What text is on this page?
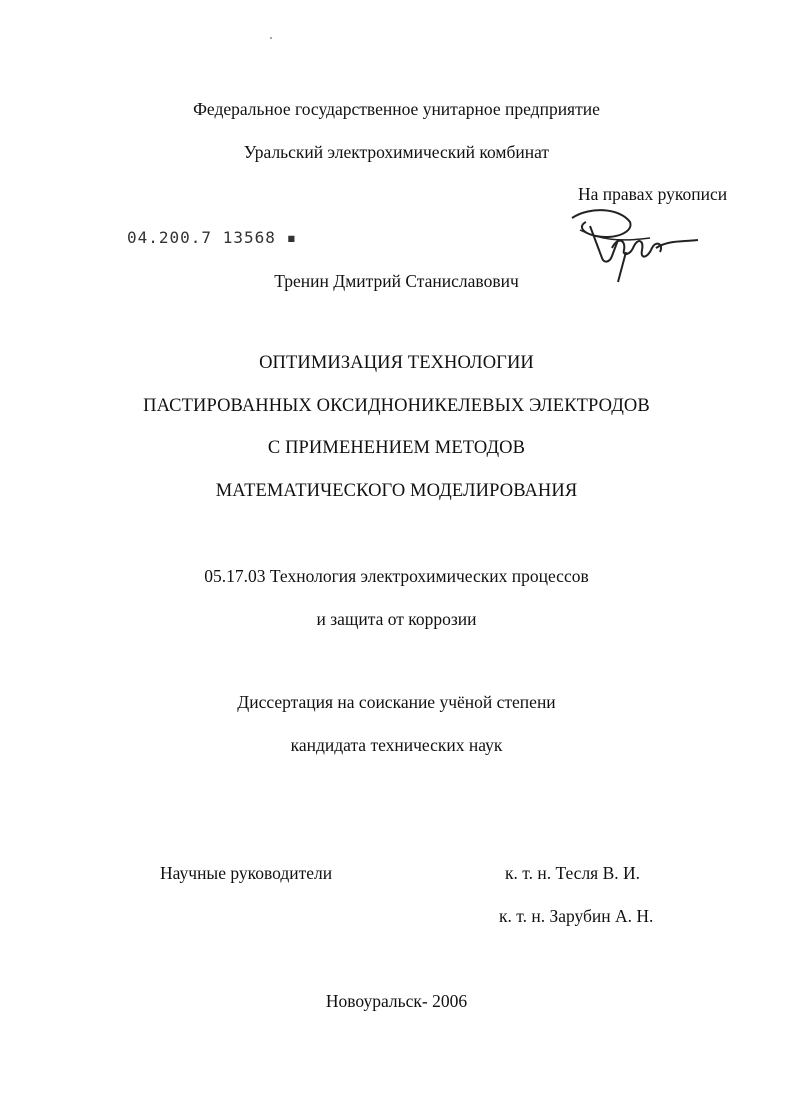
Федеральное государственное унитарное предприятие
Уральский электрохимический комбинат
На правах рукописи
04.200.7 13568 ▪
Тренин Дмитрий Станиславович
ОПТИМИЗАЦИЯ ТЕХНОЛОГИИ
ПАСТИРОВАННЫХ ОКСИДНОНИКЕЛЕВЫХ ЭЛЕКТРОДОВ
С ПРИМЕНЕНИЕМ МЕТОДОВ
МАТЕМАТИЧЕСКОГО МОДЕЛИРОВАНИЯ
05.17.03 Технология электрохимических процессов
и защита от коррозии
Диссертация на соискание учёной степени
кандидата технических наук
Научные руководители	к. т. н. Тесля В. И.
к. т. н. Зарубин А. Н.
Новоуральск- 2006
